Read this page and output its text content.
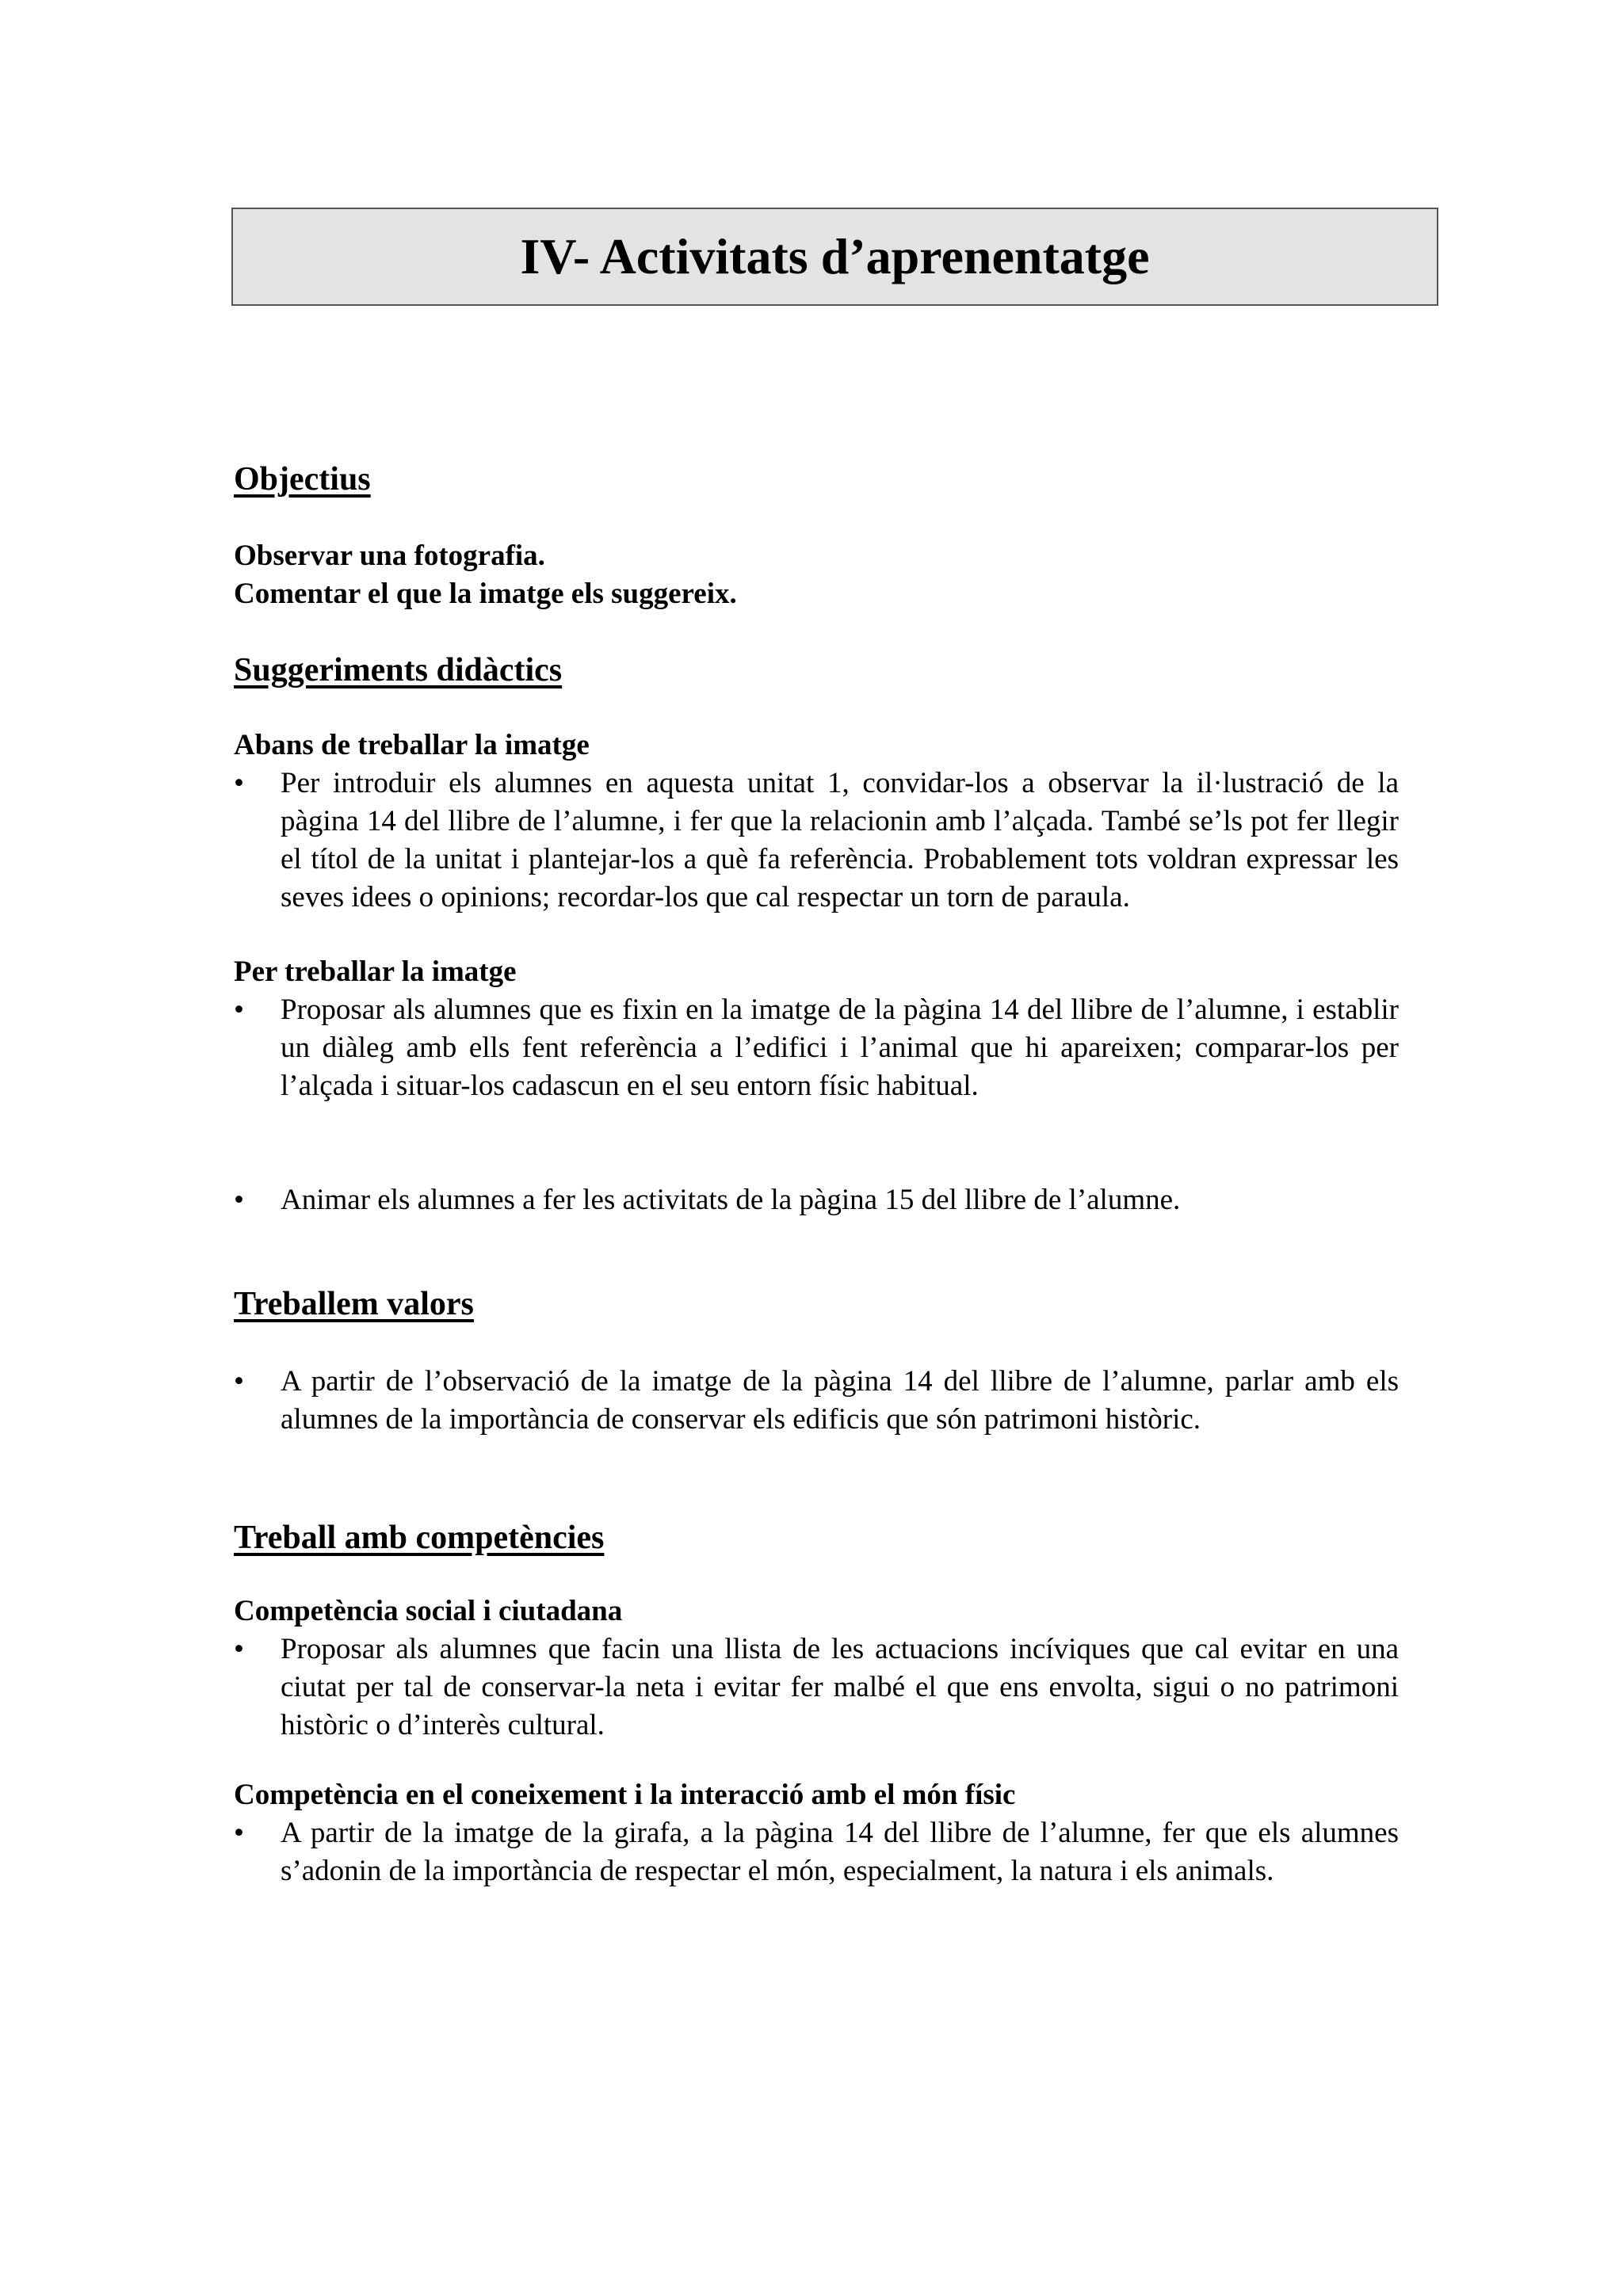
IV- Activitats d’aprenentatge
Objectius

Observar una fotografia.

Comentar el que la imatge els suggereix.

Suggeriments didàctics

Abans de treballar la imatge

• Per introduir els alumnes en aquesta unitat 1, convidar-los a observar la il·lustració de la pàgina 14 del llibre de l’alumne, i fer que la relacionin amb l’alçada. També se’ls pot fer llegir el títol de la unitat i plantejar-los a què fa referència. Probablement tots voldran expressar les seves idees o opinions; recordar-los que cal respectar un torn de paraula.

Per treballar la imatge

• Proposar als alumnes que es fixin en la imatge de la pàgina 14 del llibre de l’alumne, i establir un diàleg amb ells fent referència a l’edifici i l’animal que hi apareixen; comparar-los per l’alçada i situar-los cadascun en el seu entorn físic habitual.
• Animar els alumnes a fer les activitats de la pàgina 15 del llibre de l’alumne.
Treballem valors
• A partir de l’observació de la imatge de la pàgina 14 del llibre de l’alumne, parlar amb els alumnes de la importància de conservar els edificis que són patrimoni històric.
Treball amb competències

Competència social i ciutadana

• Proposar als alumnes que facin una llista de les actuacions incíviques que cal evitar en una ciutat per tal de conservar-la neta i evitar fer malbé el que ens envolta, sigui o no patrimoni històric o d’interès cultural.

Competència en el coneixement i la interacció amb el món físic

• A partir de la imatge de la girafa, a la pàgina 14 del llibre de l’alumne, fer que els alumnes s’adonin de la importància de respectar el món, especialment, la natura i els animals.
